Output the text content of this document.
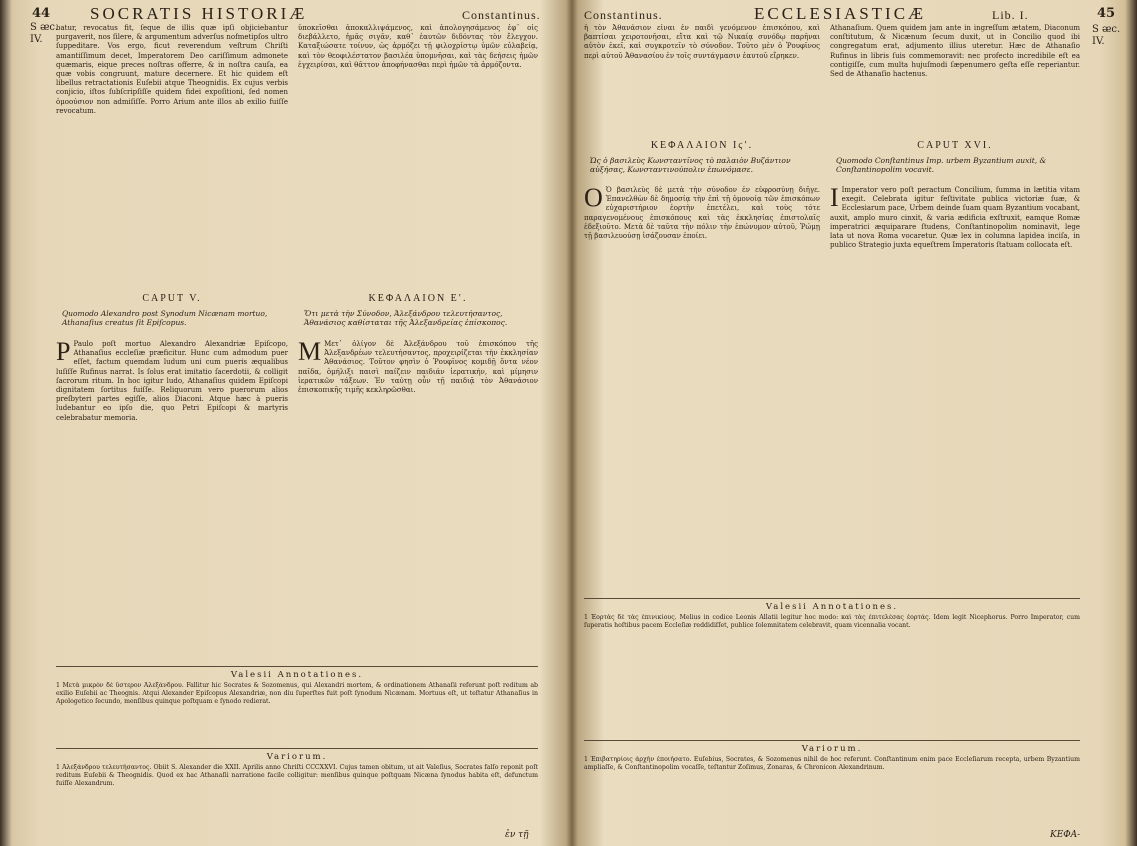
44 SOCRATIS HISTORIÆ	Constantinus.
S ᴂc.
IV.
batur, revocatus fit, ſeque de illis quæ ipſi objiciebantur purgaverit, nos ſilere, & argumentum adverſus nofmetipſos ultro ſuppeditare. Vos ergo, ficut reverendum veſtrum Chriſti amantiſſimum decet, Imperatorem Deo cariſſimum admonete quæmaris, eique preces noſtras offerre, & in noſtra cauſa, ea quæ vobis congruunt, mature decernere. Et hic quidem eſt libellus retractationis Euſebii atque Theognidis. Ex cujus verbis conjicio, iſtos ſubſcripſiſſe quidem fidei expoſitioni, ſed nomen ὁμοούσιον non admiſiſſe. Porro Arium ante illos ab exilio fuiſſe revocatum.
ὑποκεῖσθαι ἀποκαλλιψάμενος, καὶ ἀπολογησάμενος ἐφ᾽ οἷς διεβάλλετο, ἡμᾶς σιγᾶν, καθ᾽ ἑαυτῶν διδόντας τὸν ἔλεγχον. Καταξιώσατε τοίνυν, ὡς ἁρμόζει τῇ φιλοχρίστῳ ὑμῶν εὐλαβείᾳ, καὶ τὸν θεοφιλέστατον βασιλέα ὑπομνῆσαι, καὶ τὰς δεήσεις ἡμῶν ἐγχειρίσαι, καὶ θᾶττον ἀποφήνασθαι περὶ ἡμῶν τὰ ἁρμόζοντα.
CAPUT V.
Quomodo Alexandro post Synodum Nicænam mortuo, Athanaſius creatus ſit Epiſcopus.
ΚΕΦΑΛΑΙΟΝ Εʹ.
Ὅτι μετὰ τὴν Σύνοδον, Ἀλεξάνδρου τελευτήσαντος, Ἀθανάσιος καθίσταται τῆς Ἀλεξανδρείας ἐπίσκοπος.
P Paulo poſt mortuo Alexandro Alexandriæ Epiſcopo, Athanaſius eccleſiæ præficitur. Hunc cum admodum puer eſſet, factum quemdam ludum uni cum pueris æqualibus luſiſſe Rufinus narrat. Is ſolus erat imitatio ſacerdotii, & colligit ſacrorum ritum. In hoc igitur ludo, Athanaſius quidem Epiſcopi dignitatem ſortitus fuiſſe. Reliquorum vero puerorum alios preſbyteri partes egiſſe, alios Diaconi. Atque hæc à pueris ludebantur eo ipſo die, quo Petri Epiſcopi & martyris celebrabatur memoria.
Μ Μετ᾽ ὀλίγον δὲ Ἀλεξάνδρου τοῦ ἐπισκόπου τῆς Ἀλεξανδρέων τελευτήσαντος, προχειρίζεται τὴν ἐκκλησίαν Ἀθανάσιος. Τοῦτον φησὶν ὁ Ῥουφῖνος κομιδῇ ὄντα νέον παῖδα, ὁμήλιξι παισὶ παίζειν παιδιάν ἱερατικήν, καὶ μίμησιν ἱερατικῶν τάξεων. Ἐν ταύτῃ οὖν τῇ παιδιᾷ τὸν Ἀθανάσιον ἐπισκοπικῆς τιμῆς κεκληρῶσθαι.
Valesii Annotationes.
1 Μετὰ μικρὸν δὲ ὕστερον Ἀλεξάνδρου. Fallitur hic Socrates & Sozomenus, qui Alexandri mortem, & ordinationem Athanaſii referunt poſt reditum ab exilio Euſebii ac Theognis. Atqui Alexander Epiſcopus Alexandriæ, non diu ſuperſtes fuit poſt ſynodum Nicænam. Mortuus eſt, ut teſtatur Athanaſius in Apologetico ſecundo, menſibus quinque poſtquam e ſynodo redierat.
Variorum.
1 Ἀλεξάνδρου τελευτήσαντος. Obiit S. Alexander die XXII. Aprilis anno Chriſti CCCXXVI. Cujus tamen obitum, ut ait Valeſius, Socrates falſo reponit poſt reditum Euſebii & Theognidis. Quod ex hac Athanaſii narratione facile colligitur: menſibus quinque poſtquam Nicæna ſynodus habita eſt, defunctum fuiſſe Alexandrum.
ἐν τῇ
Constantinus.	ECCLESIASTICÆ	Lib. I.	45
S ᴂc.
IV.
ἡ τὸν Ἀθανάσιον εἶναι ἐν παιδὶ γενόμενον ἐπισκόπου, καὶ βαπτίσαι χειροτονῆσαι, εἴτα καὶ τῷ Νικαίᾳ συνόδῳ παρῆναι αὐτὸν ἐκεῖ, καὶ συγκροτεῖν τὸ σύνοδον. Τοῦτο μὲν ὁ Ῥουφῖνος περὶ αὐτοῦ Ἀθανασίου ἐν τοῖς συντάγμασιν ἑαυτοῦ εἴρηκεν.
Athanaſium. Quem quidem jam ante in ingreſſum ætatem, Diaconum conſtitutum, & Nicænum ſecum duxit, ut in Concilio quod ibi congregatum erat, adjumento illius uteretur. Hæc de Athanaſio Rufinus in libris ſuis commemoravit: nec profecto incredibile eſt ea contigiſſe, cum multa hujuſmodi ſæpenumero geſta eſſe reperiantur. Sed de Athanaſio hactenus.
ΚΕΦΑΛΑΙΟΝ Ιϛʹ.
Ὡς ὁ βασιλεὺς Κωνσταντῖνος τὸ παλαιὸν Βυζάντιον αὐξήσας, Κωνσταντινούπολιν ἐπωνόμασε.
CAPUT XVI.
Quomodo Conſtantinus Imp. urbem Byzantium auxit, & Conſtantinopolim vocavit.
Ο Ὁ βασιλεὺς δὲ μετὰ τὴν σύνοδον ἐν εὐφροσύνῃ διῆγε. Ἐπανελθὼν δὲ δημοσίᾳ τὴν ἐπὶ τῇ ὁμονοίᾳ τῶν ἐπισκόπων εὐχαριστήριον ἑορτὴν ἐπετέλει, καὶ τοὺς τότε παραγενομένους ἐπισκόπους καὶ τὰς ἐκκλησίας ἐπιστολαῖς ἐδεξιοῦτο. Μετὰ δὲ ταῦτα τὴν πόλιν τὴν ἐπώνυμον αὐτοῦ, Ῥώμῃ τῇ βασιλευούσῃ ἰσάζουσαν ἐποίει.
I Imperator vero poſt peractum Concilium, ſumma in lætitia vitam exegit. Celebrata igitur feſtivitate publica victoriæ ſuæ, & Ecclesiarum pace, Urbem deinde ſuam quam Byzantium vocabant, auxit, amplo muro cinxit, & varia ædificia exſtruxit, eamque Romæ imperatrici æquiparare ſtudens, Conſtantinopolim nominavit, lege lata ut nova Roma vocaretur. Quæ lex in columna lapidea inciſa, in publico Strategio juxta equeſtrem Imperatoris ſtatuam collocata eſt.
Valesii Annotationes.
1 Ἐορτὰς δὲ τὰς ἐπινικίους. Melius in codice Leonis Allatii legitur hoc modo: καὶ τὰς ἐπιτελέσας ἑορτάς. Idem legit Nicephorus. Porro Imperator, cum ſuperatis hoſtibus pacem Eccleſiæ reddidiſſet, publice ſolemnitatem celebravit, quam vicennalia vocant.
Variorum.
1 Ἐπιβατηρίοις ἀρχὴν ἐποιήσατο. Euſebius, Socrates, & Sozomenus nihil de hoc referunt. Conſtantinum enim pace Eccleſiarum recepta, urbem Byzantium ampliaſſe, & Conſtantinopolim vocaſſe, teſtantur Zoſimus, Zonaras, & Chronicon Alexandrinum.
ΚΕΦΑ-
